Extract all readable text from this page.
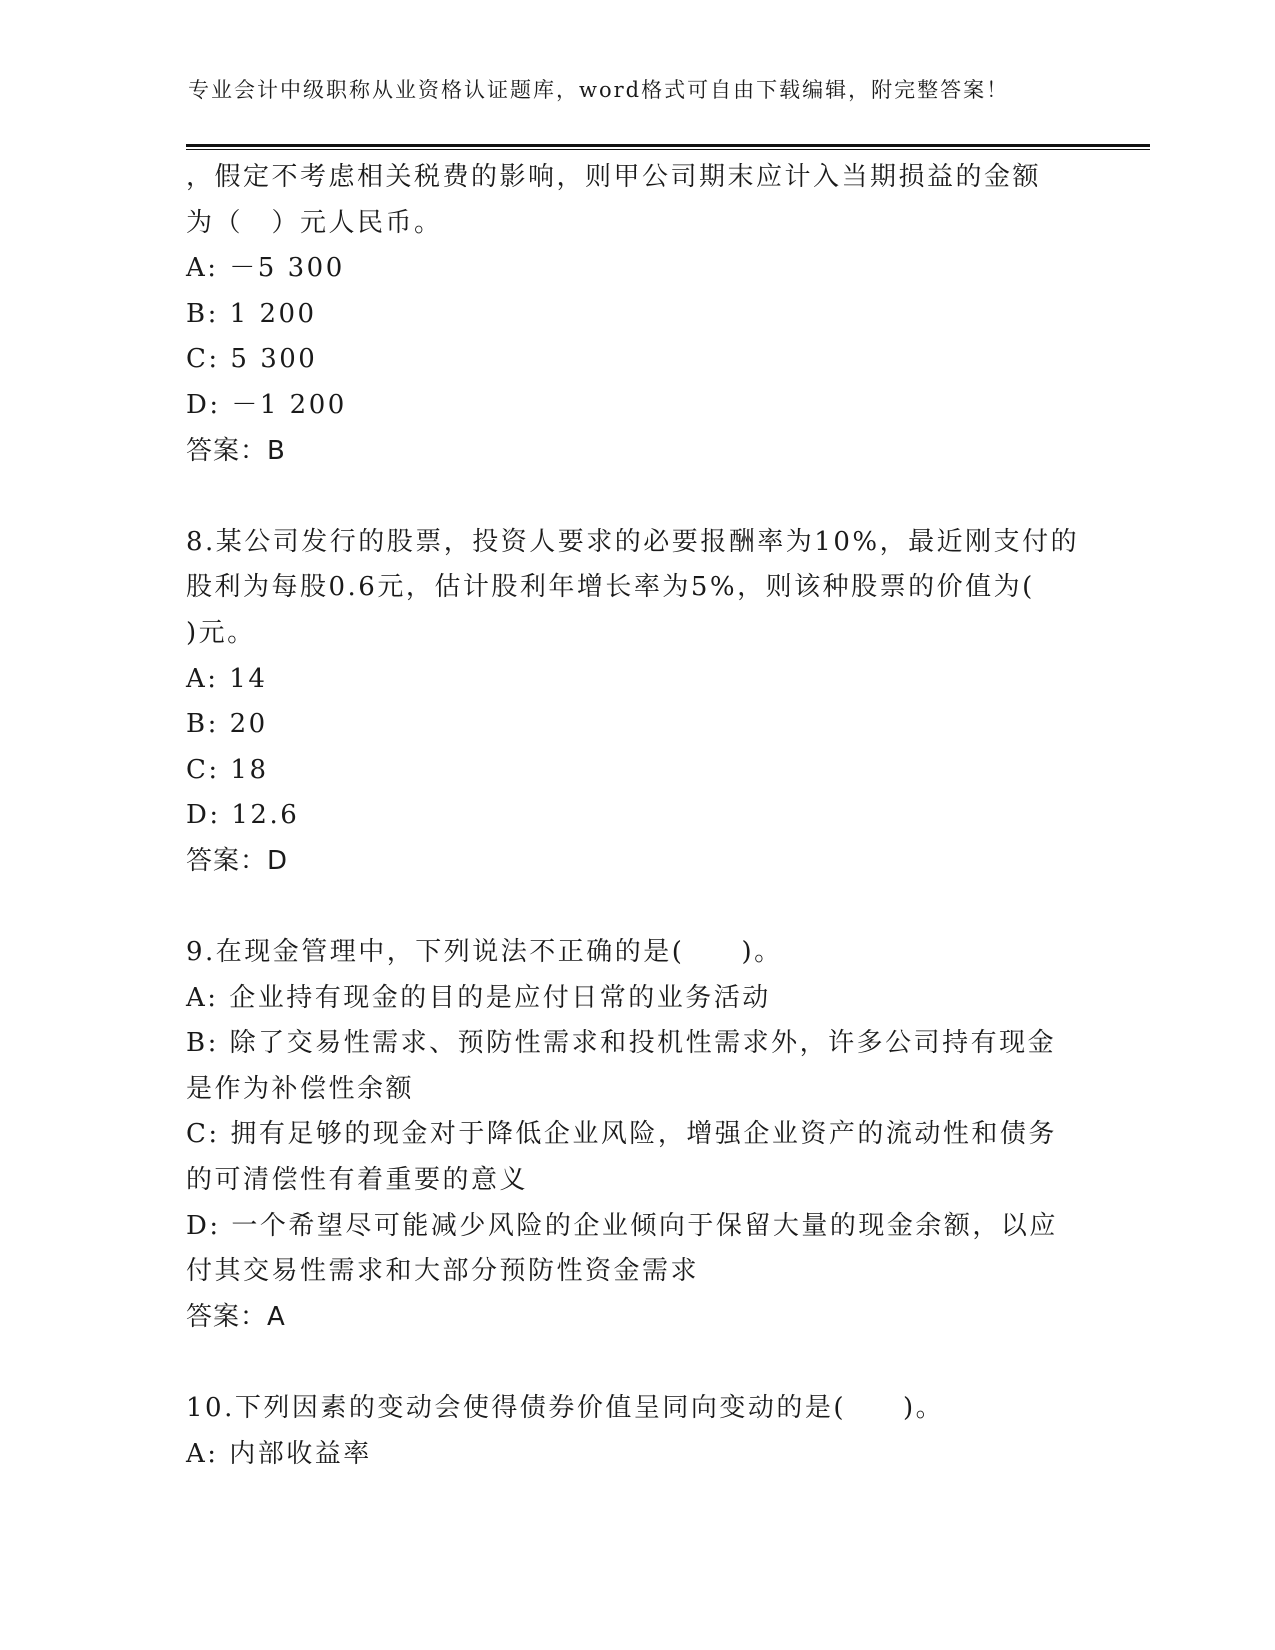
专业会计中级职称从业资格认证题库，word格式可自由下载编辑，附完整答案！
，假定不考虑相关税费的影响，则甲公司期末应计入当期损益的金额
为（　）元人民币。
A: －5 300
B: 1 200
C: 5 300
D: －1 200
答案：B
8.某公司发行的股票，投资人要求的必要报酬率为10%，最近刚支付的
股利为每股0.6元，估计股利年增长率为5%，则该种股票的价值为(
)元。
A: 14
B: 20
C: 18
D: 12.6
答案：D
9.在现金管理中，下列说法不正确的是(　　)。
A: 企业持有现金的目的是应付日常的业务活动
B: 除了交易性需求、预防性需求和投机性需求外，许多公司持有现金
是作为补偿性余额
C: 拥有足够的现金对于降低企业风险，增强企业资产的流动性和债务
的可清偿性有着重要的意义
D: 一个希望尽可能减少风险的企业倾向于保留大量的现金余额，以应
付其交易性需求和大部分预防性资金需求
答案：A
10.下列因素的变动会使得债券价值呈同向变动的是(　　)。
A: 内部收益率
